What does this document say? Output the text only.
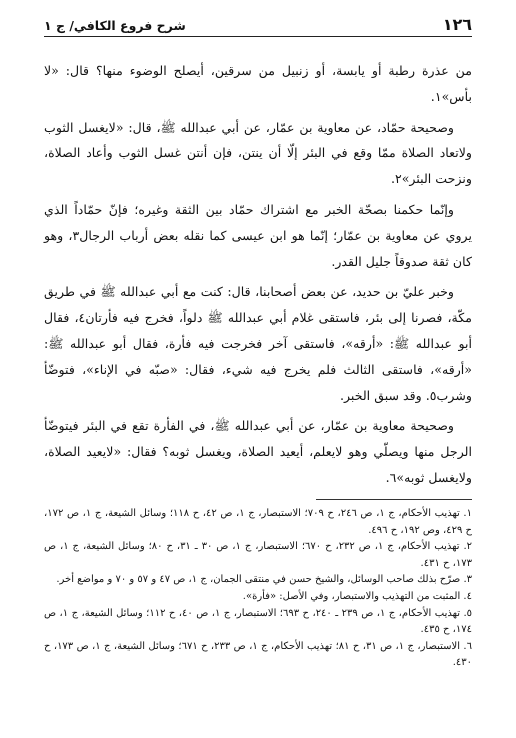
١٢٦
شرح فروع الكافي/ ج ١

من عذرة رطبة أو يابسة، أو زنبيل من سرقين، أيصلح الوضوء منها؟ قال: «لا بأس»١.

وصحيحة حمّاد، عن معاوية بن عمّار، عن أبي عبدالله ﷺ، قال: «لايغسل الثوب ولاتعاد الصلاة ممّا وقع في البئر إلّا أن ينتن، فإن أنتن غسل الثوب وأعاد الصلاة، ونزحت البئر»٢.

وإنّما حكمنا بصحّة الخبر مع اشتراك حمّاد بين الثقة وغيره؛ فإنّ حمّاداً الذي يروي عن معاوية بن عمّار؛ إنّما هو ابن عيسى كما نقله بعض أرباب الرجال٣، وهو كان ثقة صدوقاً جليل القدر.

وخبر عليّ بن حديد، عن بعض أصحابنا، قال: كنت مع أبي عبدالله ﷺ في طريق مكّة، فصرنا إلى بئر، فاستقى غلام أبي عبدالله ﷺ دلواً، فخرج فيه فأرتان٤، فقال أبو عبدالله ﷺ: «أرقه»، فاستقى آخر فخرجت فيه فأرة، فقال أبو عبدالله ﷺ: «أرقه»، فاستقى الثالث فلم يخرج فيه شيء، فقال: «صبّه في الإناء»، فتوضّأ وشرب٥. وقد سبق الخبر.

وصحيحة معاوية بن عمّار، عن أبي عبدالله ﷺ، في الفأرة تقع في البئر فيتوضّأ الرجل منها ويصلّي وهو لايعلم، أيعيد الصلاة، ويغسل ثوبه؟ فقال: «لايعيد الصلاة، ولايغسل ثوبه»٦.

١. تهذيب الأحكام، ج ١، ص ٢٤٦، ح ٧٠٩؛ الاستبصار، ج ١، ص ٤٢، ح ١١٨؛ وسائل الشيعة، ج ١، ص ١٧٢، ح ٤٢٩، وص ١٩٢، ح ٤٩٦.

٢. تهذيب الأحكام، ج ١، ص ٢٣٢، ح ٦٧٠؛ الاستبصار، ج ١، ص ٣٠ ـ ٣١، ح ٨٠؛ وسائل الشيعة، ج ١، ص ١٧٣، ح ٤٣١.

٣. صرّح بذلك صاحب الوسائل، والشيخ حسن في منتقى الجمان، ج ١، ص ٤٧ و ٥٧ و ٧٠ و مواضع أخر.

٤. المثبت من التهذيب والاستبصار، وفي الأصل: «فأرة».

٥. تهذيب الأحكام، ج ١، ص ٢٣٩ ـ ٢٤٠، ح ٦٩٣؛ الاستبصار، ج ١، ص ٤٠، ح ١١٢؛ وسائل الشيعة، ج ١، ص ١٧٤، ح ٤٣٥.

٦. الاستبصار، ج ١، ص ٣١، ح ٨١؛ تهذيب الأحكام، ج ١، ص ٢٣٣، ح ٦٧١؛ وسائل الشيعة، ج ١، ص ١٧٣، ح ٤٣٠.
